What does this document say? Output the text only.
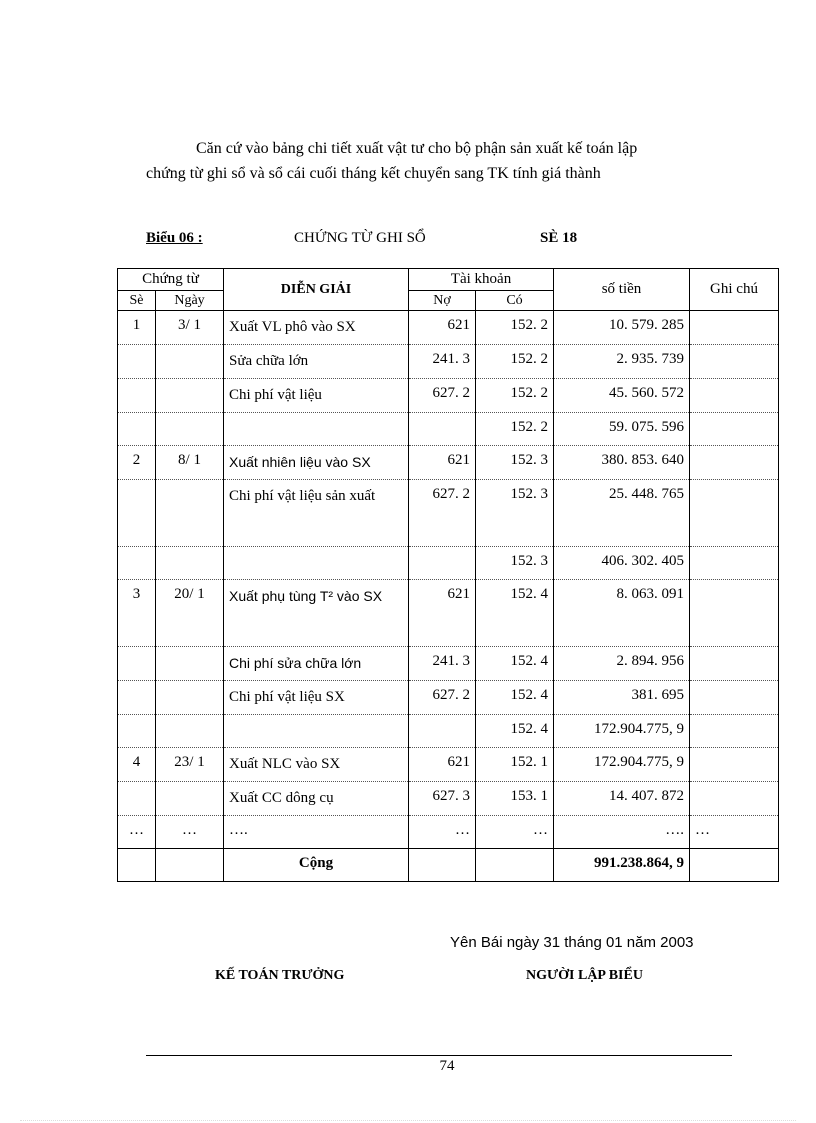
Căn cứ vào bảng chi tiết xuất vật tư cho bộ phận sản xuất kế toán lập

chứng từ ghi sổ và sổ cái cuối tháng kết chuyển sang TK tính giá thành

Biểu 06 :	CHỨNG TỪ GHI SỔ	SÈ 18
Chứng từ		DIỄN GIẢI	Tài khoản		số tiền	Ghi chú
Sè	Ngày		Nợ	Có		
1	3/ 1	Xuất VL phô vào SX	621	152. 2	10. 579. 285	
		Sửa chữa lớn	241. 3	152. 2	2. 935. 739	
		Chi phí vật liệu	627. 2	152. 2	45. 560. 572	
				152. 2	59. 075. 596	
2	8/ 1	Xuất nhiên liệu vào SX	621	152. 3	380. 853. 640	
		Chi phí vật liệu sản xuất	627. 2	152. 3	25. 448. 765	
				152. 3	406. 302. 405	
3	20/ 1	Xuất phụ tùng T² vào SX	621	152. 4	8. 063. 091	
		Chi phí sửa chữa lớn	241. 3	152. 4	2. 894. 956	
		Chi phí vật liệu SX	627. 2	152. 4	381. 695	
				152. 4	172.904.775, 9	
4	23/ 1	Xuất NLC vào SX	621	152. 1	172.904.775, 9	
		Xuất CC dông cụ	627. 3	153. 1	14. 407. 872	
…	…	….	…	…	….	…
		Cộng			991.238.864, 9	
Yên Bái ngày 31 tháng 01 năm 2003
KẾ TOÁN TRƯỞNG	NGƯỜI LẬP BIỂU
74
